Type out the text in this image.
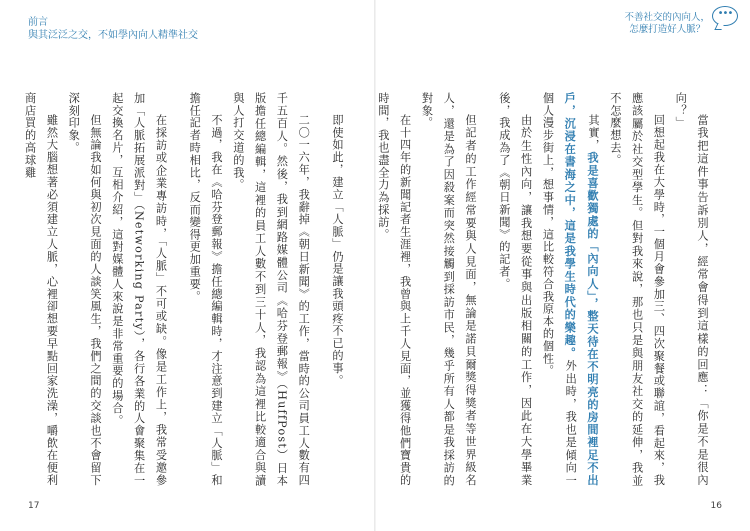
前言
與其泛泛之交，不如學內向人精準社交

即使如此，建立「人脈」仍是讓我頭疼不已的事。

二〇一六年，我辭掉《朝日新聞》的工作，當時的公司員工人數有四千五百人。然後，我到網路媒體公司《哈芬登郵報》（HuffPost）日本版擔任總編輯，這裡的員工人數不到三十人，我認為這裡比較適合與讀與人打交道的我。

不過，我在《哈芬登郵報》擔任總編輯時，才注意到建立「人脈」和擔任記者時相比，反而變得更加重要。

在採訪或企業專訪時，「人脈」不可或缺。像是工作上，我常受邀參加「人脈拓展派對」（Networking Party），各行各業的人會聚集在一起交換名片，互相介紹，這對媒體人來說是非常重要的場合。

但無論我如何與初次見面的人談笑風生，我們之間的交談也不會留下深刻印象。

雖然大腦想著必須建立人脈，心裡卻想要早點回家洗澡，嚼飲在便利商店買的高球雞

17
不善社交的內向人，
怎麼打造好人脈？
•••

當我把這件事告訴別人，經常會得到這樣的回應：「你是不是很內向？」

回想起我在大學時，一個月會參加三、四次聚餐或聯誼，看起來，我應該屬於社交型學生。但對我來說，那也只是與朋友社交的延伸，我並不怎麼想去。

其實，我是喜歡獨處的「內向人」，整天待在不明亮的房間裡足不出戶，沉浸在書海之中，這是我學生時代的樂趣。外出時，我也是傾向一個人漫步街上，想事情，這比較符合我原本的個性。

由於生性內向，讓我想要從事與出版相關的工作，因此在大學畢業後，我成為了《朝日新聞》的記者。

但記者的工作經常要與人見面，無論是諾貝爾獎得獎者等世界級名人，還是為了因殺案而突然接觸到採訪市民，幾乎所有人都是我採訪的對象。

在十四年的新聞記者生涯裡，我曾與上千人見面，並獲得他們寶貴的時間，我也盡全力為採訪。

16
